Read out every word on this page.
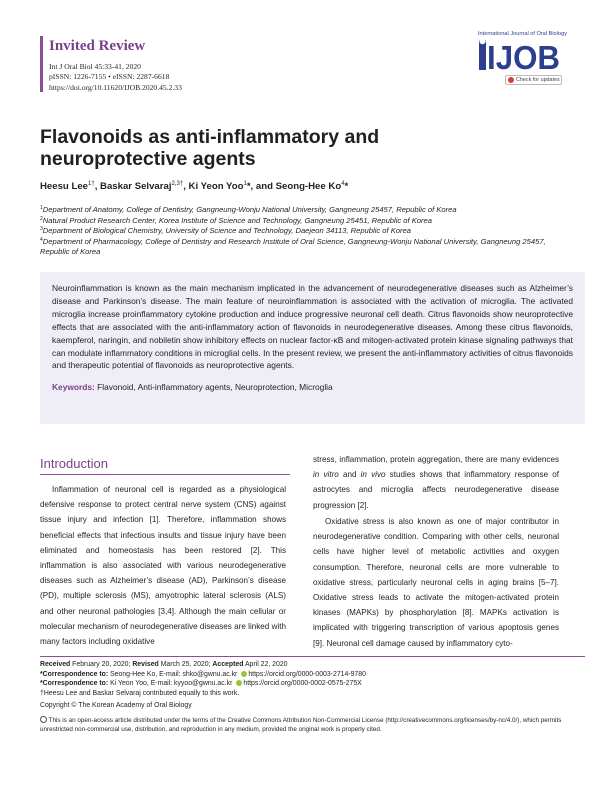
Invited Review
Int J Oral Biol 45:33-41, 2020
pISSN: 1226-7155 • eISSN: 2287-6618
https://doi.org/10.11620/IJOB.2020.45.2.33
International Journal of Oral Biology
IJOB
Check for updates
Flavonoids as anti-inflammatory and neuroprotective agents
Heesu Lee$^{1\dagger}$, Baskar Selvaraj$^{2,3\dagger}$, Ki Yeon Yoo$^1$*, and Seong-Hee Ko$^4$*
$^1$Department of Anatomy, College of Dentistry, Gangneung-Wonju National University, Gangneung 25457, Republic of Korea
$^2$Natural Product Research Center, Korea Institute of Science and Technology, Gangneung 25451, Republic of Korea
$^3$Department of Biological Chemistry, University of Science and Technology, Daejeon 34113, Republic of Korea
$^4$Department of Pharmacology, College of Dentistry and Research Institute of Oral Science, Gangneung-Wonju National University, Gangneung 25457, Republic of Korea

Neuroinflammation is known as the main mechanism implicated in the advancement of neurodegenerative diseases such as Alzheimer’s disease and Parkinson’s disease. The main feature of neuroinflammation is associated with the activation of microglia. The activated microglia increase proinflammatory cytokine production and induce progressive neuronal cell death. Citrus flavonoids show neuroprotective effects that are associated with the anti-inflammatory action of flavonoids in neurodegenerative diseases. Among these citrus flavonoids, kaempferol, naringin, and nobiletin show inhibitory effects on nuclear factor-κB and mitogen-activated protein kinase signaling pathways that can modulate inflammatory conditions in microglial cells. In the present review, we present the anti-inflammatory activities of citrus flavonoids and therapeutic potential of flavonoids as neuroprotective agents.

Keywords: Flavonoid, Anti-inflammatory agents, Neuroprotection, Microglia
Introduction

Inflammation of neuronal cell is regarded as a physiological defensive response to protect central nerve system (CNS) against tissue injury and infection [1]. Therefore, inflammation shows beneficial effects that infectious insults and tissue injury have been eliminated and homeostasis has been restored [2]. This inflammation is also associated with various neurodegenerative diseases such as Alzheimer’s disease (AD), Parkinson’s disease (PD), multiple sclerosis (MS), amyotrophic lateral sclerosis (ALS) and other neuronal pathologies [3,4]. Although the main cellular or molecular mechanism of neurodegenerative diseases are linked with many factors including oxidative

stress, inflammation, protein aggregation, there are many evidences in vitro and in vivo studies shows that inflammatory response of astrocytes and microglia affects neurodegenerative disease progression [2].

Oxidative stress is also known as one of major contributor in neurodegenerative condition. Comparing with other cells, neuronal cells have higher level of metabolic activities and oxygen consumption. Therefore, neuronal cells are more vulnerable to oxidative stress, particularly neuronal cells in aging brains [5–7]. Oxidative stress leads to activate the mitogen-activated protein kinases (MAPKs) by phosphorylation [8]. MAPKs activation is implicated with triggering transcription of various apoptosis genes [9]. Neuronal cell damage caused by inflammatory cyto-

Received February 20, 2020; Revised March 25, 2020; Accepted April 22, 2020
*Correspondence to: Seong-Hee Ko, E-mail: shko@gwnu.ac.kr https://orcid.org/0000-0003-2714-9780
*Correspondence to: Ki Yeon Yoo, E-mail: kyyoo@gwnu.ac.kr https://orcid.org/0000-0002-0575-275X
†Heesu Lee and Baskar Selvaraj contributed equally to this work.
Copyright © The Korean Academy of Oral Biology
This is an open-access article distributed under the terms of the Creative Commons Attribution Non-Commercial License (http://creativecommons.org/licenses/by-nc/4.0/), which permits unrestricted non-commercial use, distribution, and reproduction in any medium, provided the original work is properly cited.
